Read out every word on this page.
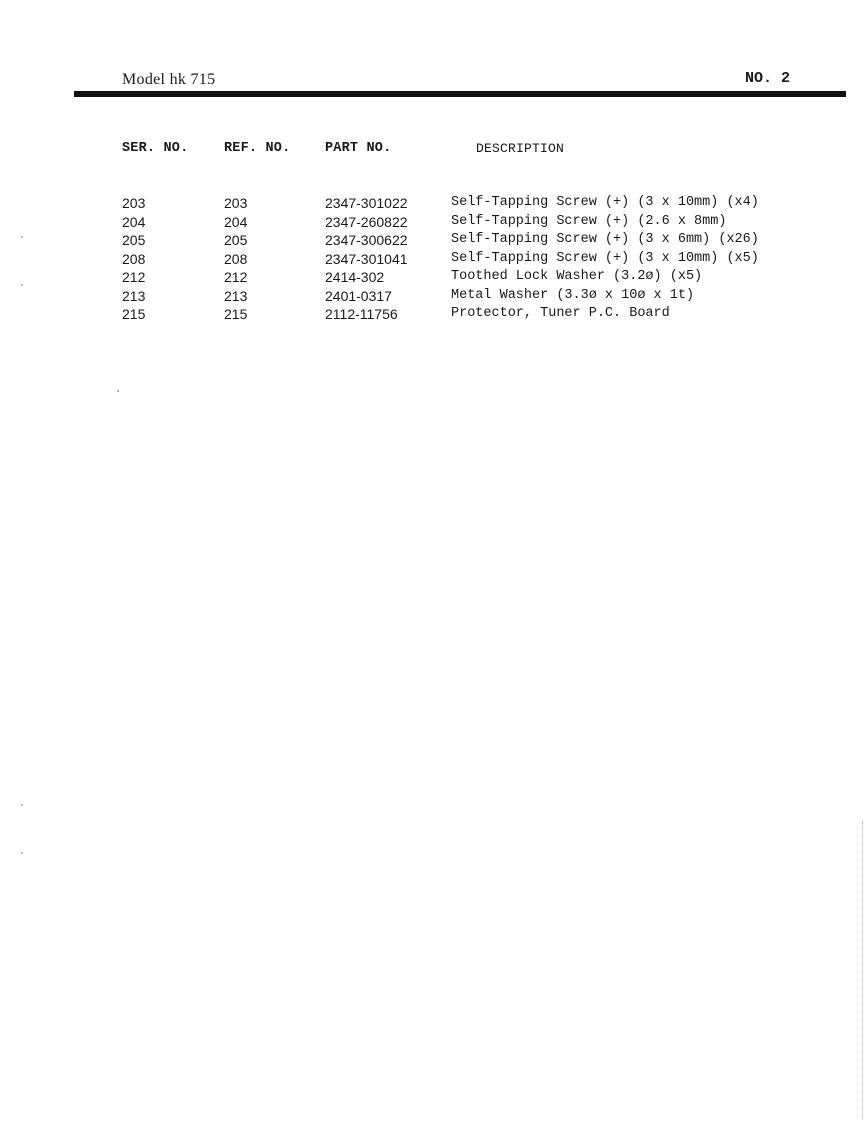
Model hk 715	NO. 2
SER. NO.	REF. NO.	PART NO.	DESCRIPTION
203	203	2347-301022	Self-Tapping Screw (+) (3 x 10mm) (x4)
204	204	2347-260822	Self-Tapping Screw (+) (2.6 x 8mm)
205	205	2347-300622	Self-Tapping Screw (+) (3 x 6mm) (x26)
208	208	2347-301041	Self-Tapping Screw (+) (3 x 10mm) (x5)
212	212	2414-302	Toothed Lock Washer (3.2ø) (x5)
213	213	2401-0317	Metal Washer (3.3ø x 10ø x 1t)
215	215	2112-11756	Protector, Tuner P.C. Board
